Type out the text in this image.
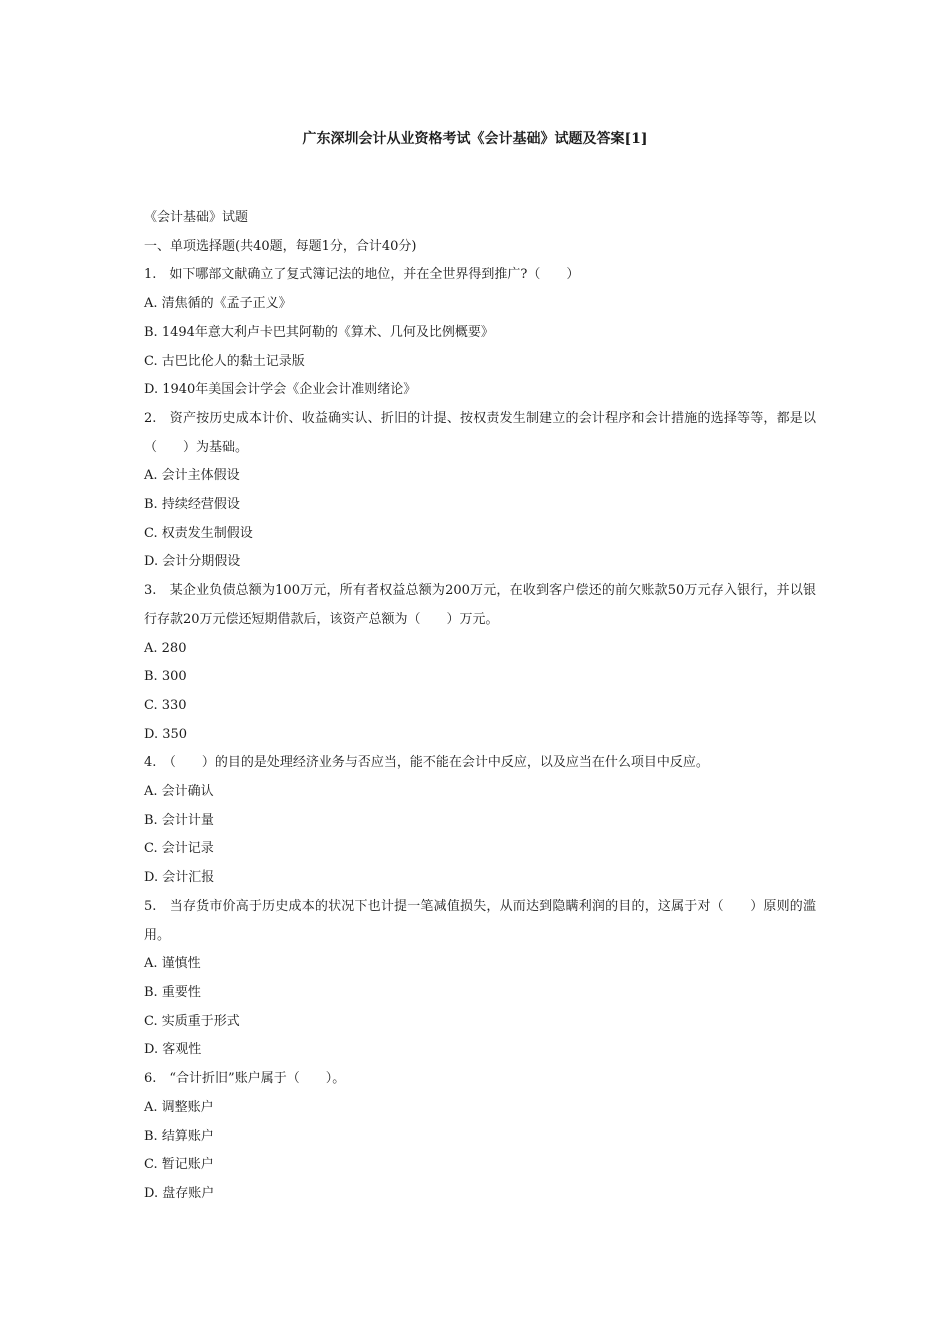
广东深圳会计从业资格考试《会计基础》试题及答案[1]
《会计基础》试题
一、单项选择题(共40题，每题1分，合计40分)
1.　如下哪部文献确立了复式簿记法的地位，并在全世界得到推广?（　　）
A. 清焦循的《孟子正义》
B. 1494年意大利卢卡巴其阿勒的《算术、几何及比例概要》
C. 古巴比伦人的黏土记录版
D. 1940年美国会计学会《企业会计准则绪论》
2.　资产按历史成本计价、收益确实认、折旧的计提、按权责发生制建立的会计程序和会计措施的选择等等，都是以（　　）为基础。
A. 会计主体假设
B. 持续经营假设
C. 权责发生制假设
D. 会计分期假设
3.　某企业负债总额为100万元，所有者权益总额为200万元，在收到客户偿还的前欠账款50万元存入银行，并以银行存款20万元偿还短期借款后，该资产总额为（　　）万元。
A. 280
B. 300
C. 330
D. 350
4.　（　　）的目的是处理经济业务与否应当，能不能在会计中反应，以及应当在什么项目中反应。
A. 会计确认
B. 会计计量
C. 会计记录
D. 会计汇报
5.　当存货市价高于历史成本的状况下也计提一笔减值损失，从而达到隐瞒利润的目的，这属于对（　　）原则的滥用。
A. 谨慎性
B. 重要性
C. 实质重于形式
D. 客观性
6.　“合计折旧”账户属于（　　）。
A. 调整账户
B. 结算账户
C. 暂记账户
D. 盘存账户
